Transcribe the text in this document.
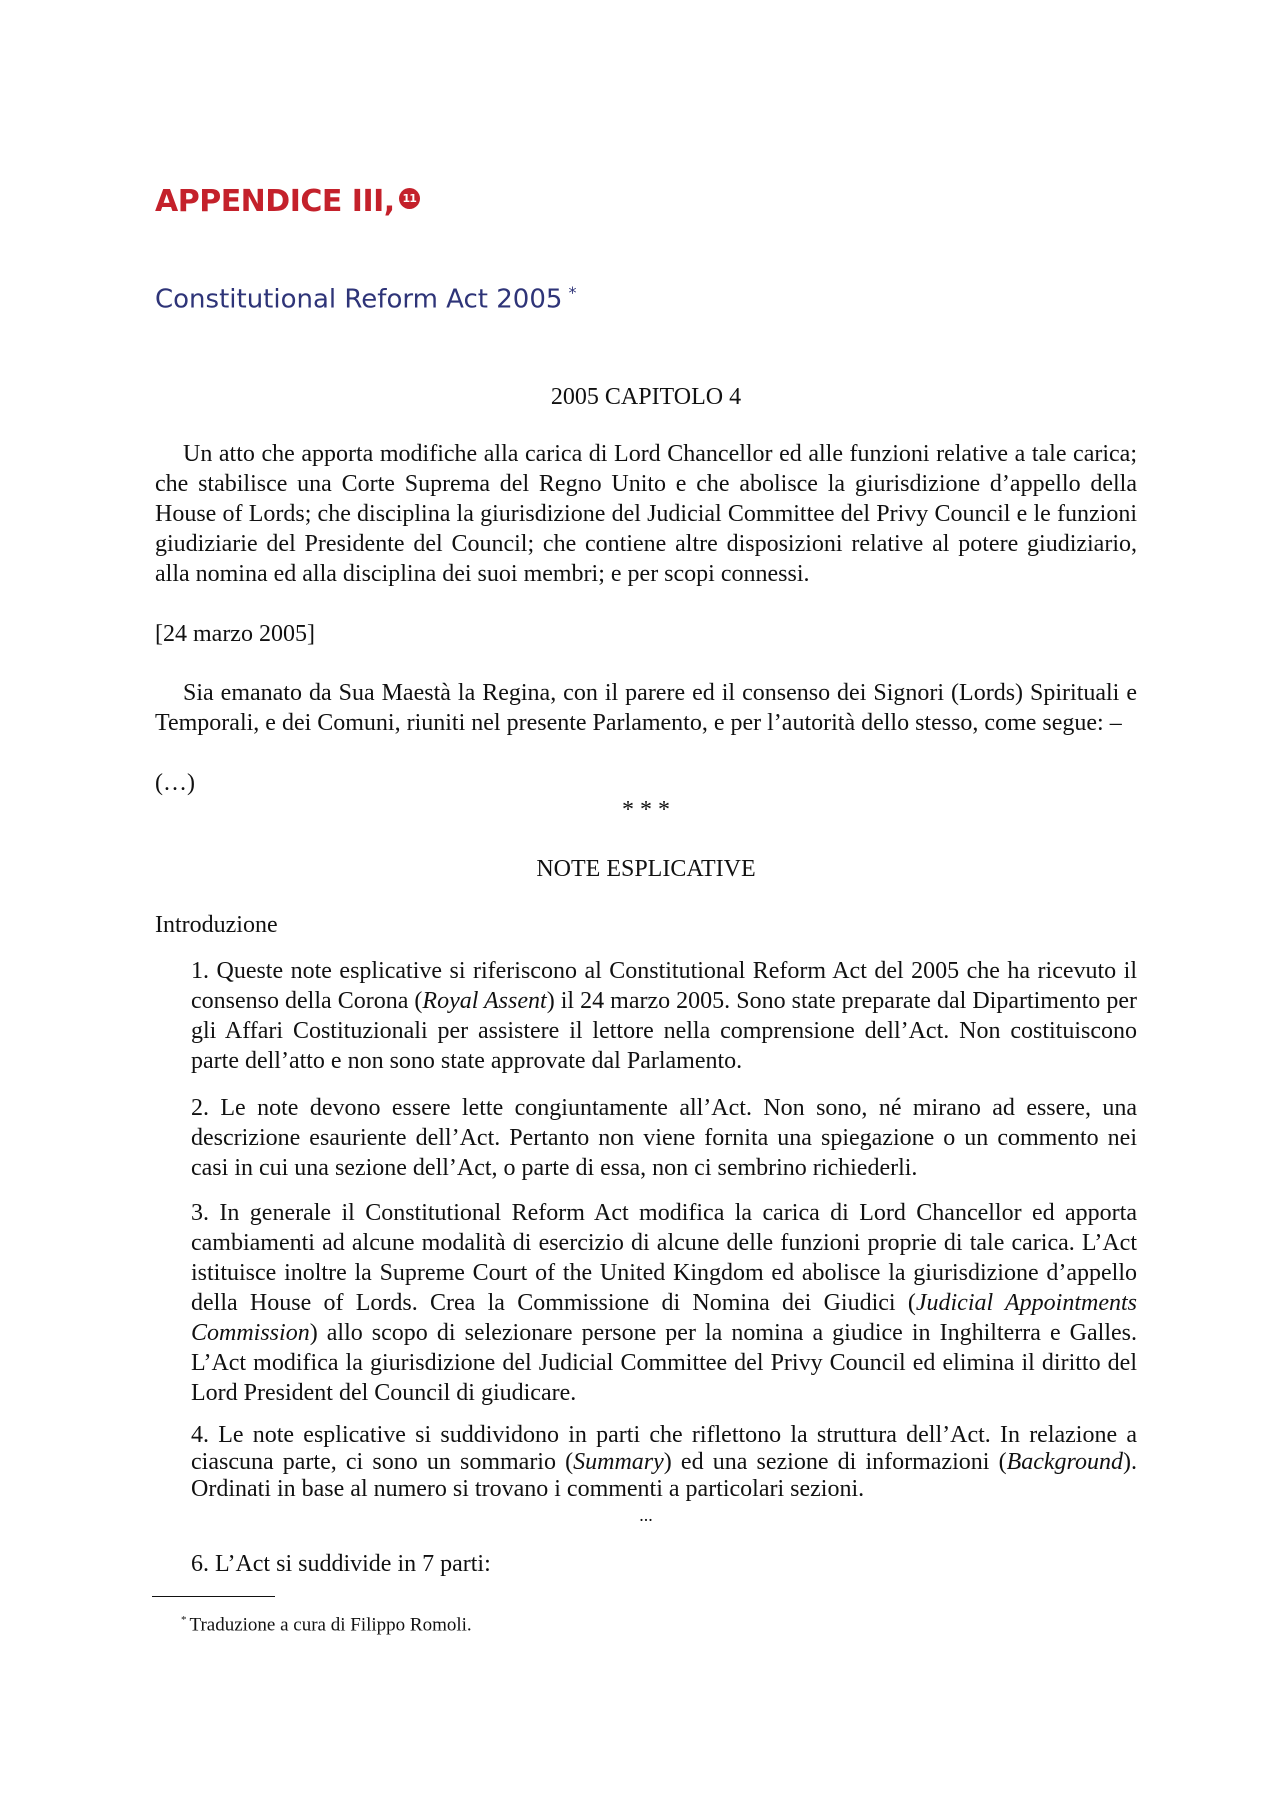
APPENDICE III, 11
Constitutional Reform Act 2005 *
2005 CAPITOLO 4

Un atto che apporta modifiche alla carica di Lord Chancellor ed alle funzioni relative a tale carica; che stabilisce una Corte Suprema del Regno Unito e che abolisce la giurisdizione d’appello della House of Lords; che disciplina la giurisdizione del Judicial Committee del Privy Council e le funzioni giudiziarie del Presidente del Council; che contiene altre disposizioni relative al potere giudiziario, alla nomina ed alla disciplina dei suoi membri; e per scopi connessi.

[24 marzo 2005]

Sia emanato da Sua Maestà la Regina, con il parere ed il consenso dei Signori (Lords) Spirituali e Temporali, e dei Comuni, riuniti nel presente Parlamento, e per l’autorità dello stesso, come segue: –

(…)

* * *
NOTE ESPLICATIVE

Introduzione

1. Queste note esplicative si riferiscono al Constitutional Reform Act del 2005 che ha ricevuto il consenso della Corona (Royal Assent) il 24 marzo 2005. Sono state preparate dal Dipartimento per gli Affari Costituzionali per assistere il lettore nella comprensione dell’Act. Non costituiscono parte dell’atto e non sono state approvate dal Parlamento.

2. Le note devono essere lette congiuntamente all’Act. Non sono, né mirano ad essere, una descrizione esauriente dell’Act. Pertanto non viene fornita una spiegazione o un commento nei casi in cui una sezione dell’Act, o parte di essa, non ci sembrino richiederli.

3. In generale il Constitutional Reform Act modifica la carica di Lord Chancellor ed apporta cambiamenti ad alcune modalità di esercizio di alcune delle funzioni proprie di tale carica. L’Act istituisce inoltre la Supreme Court of the United Kingdom ed abolisce la giurisdizione d’appello della House of Lords. Crea la Commissione di Nomina dei Giudici (Judicial Appointments Commission) allo scopo di selezionare persone per la nomina a giudice in Inghilterra e Galles. L’Act modifica la giurisdizione del Judicial Committee del Privy Council ed elimina il diritto del Lord President del Council di giudicare.

4. Le note esplicative si suddividono in parti che riflettono la struttura dell’Act. In relazione a ciascuna parte, ci sono un sommario (Summary) ed una sezione di informazioni (Background). Ordinati in base al numero si trovano i commenti a particolari sezioni.

...

6. L’Act si suddivide in 7 parti:

* Traduzione a cura di Filippo Romoli.
